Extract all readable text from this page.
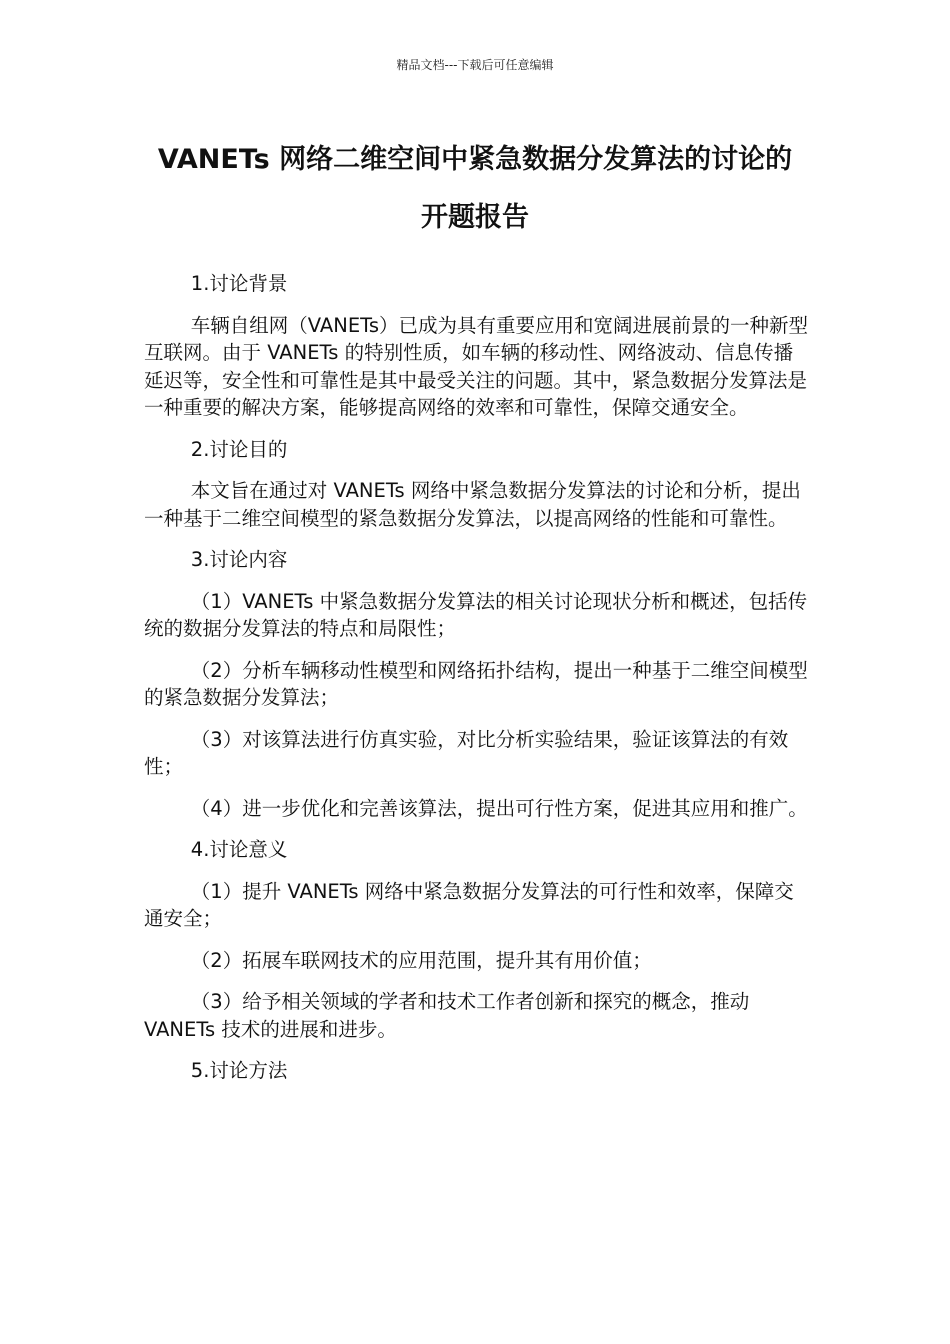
精品文档---下载后可任意编辑
VANETs 网络二维空间中紧急数据分发算法的讨论的
开题报告

1.讨论背景

车辆自组网（VANETs）已成为具有重要应用和宽阔进展前景的一种新型互联网。由于 VANETs 的特别性质，如车辆的移动性、网络波动、信息传播延迟等，安全性和可靠性是其中最受关注的问题。其中，紧急数据分发算法是一种重要的解决方案，能够提高网络的效率和可靠性，保障交通安全。

2.讨论目的

本文旨在通过对 VANETs 网络中紧急数据分发算法的讨论和分析，提出一种基于二维空间模型的紧急数据分发算法，以提高网络的性能和可靠性。

3.讨论内容

（1）VANETs 中紧急数据分发算法的相关讨论现状分析和概述，包括传统的数据分发算法的特点和局限性；

（2）分析车辆移动性模型和网络拓扑结构，提出一种基于二维空间模型的紧急数据分发算法；

（3）对该算法进行仿真实验，对比分析实验结果，验证该算法的有效性；

（4）进一步优化和完善该算法，提出可行性方案，促进其应用和推广。

4.讨论意义

（1）提升 VANETs 网络中紧急数据分发算法的可行性和效率，保障交通安全；

（2）拓展车联网技术的应用范围，提升其有用价值；

（3）给予相关领域的学者和技术工作者创新和探究的概念，推动 VANETs 技术的进展和进步。

5.讨论方法
